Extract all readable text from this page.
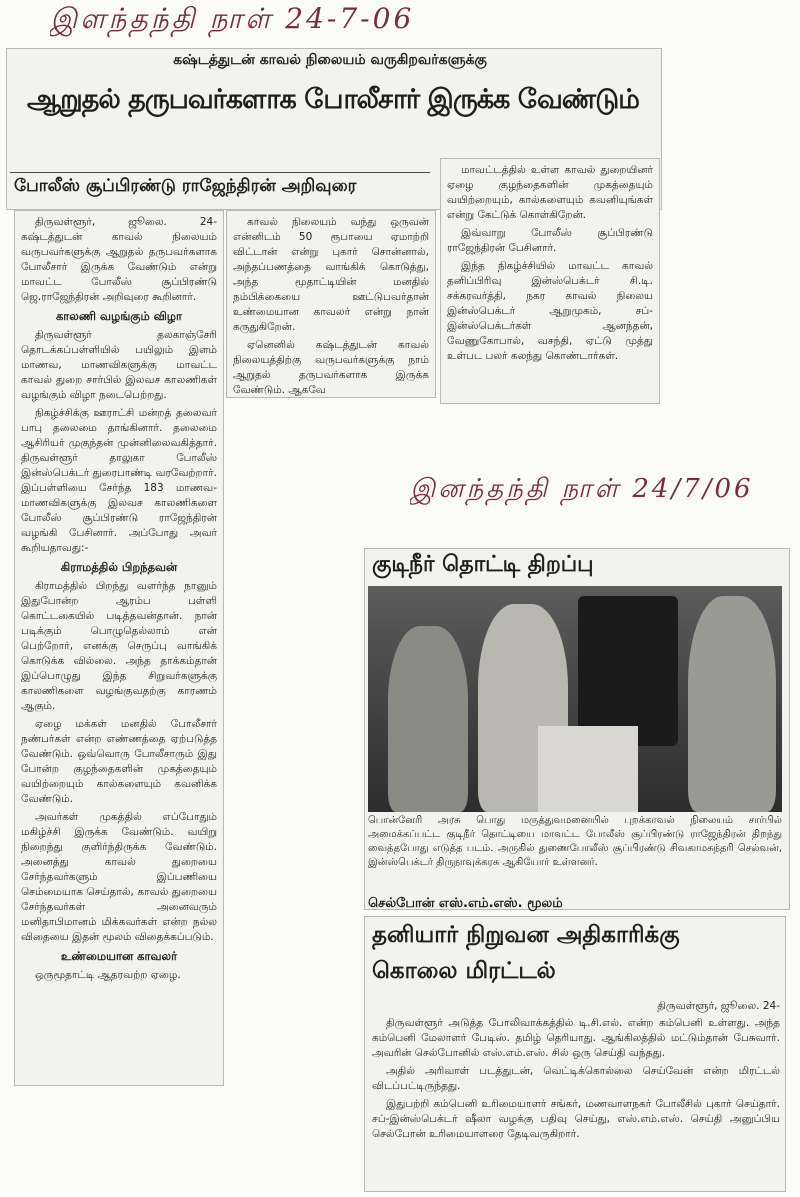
இளந்தந்தி நாள் 24-7-06
இனந்தந்தி நாள் 24/7/06
கஷ்டத்துடன் காவல் நிலையம் வருகிறவர்களுக்கு
ஆறுதல் தருபவர்களாக போலீசார் இருக்க வேண்டும்
போலீஸ் சூப்பிரண்டு ராஜேந்திரன் அறிவுரை

திருவள்ளூர், ஜூலை. 24- கஷ்டத்துடன் காவல் நிலையம் வருபவர்களுக்கு ஆறுதல் தருபவர்களாக போலீசார் இருக்க வேண்டும் என்று மாவட்ட போலீஸ் சூப்பிரண்டு ஜெ.ராஜேந்திரன் அறிவுரை கூறினார்.

காலணி வழங்கும் விழா

திருவள்ளூர் தலகாஞ்சேரி தொடக்கப்பள்ளியில் பயிலும் இளம் மாணவ, மாணவிகளுக்கு மாவட்ட காவல் துறை சார்பில் இலவச காலணிகள் வழங்கும் விழா நடைபெற்றது.

நிகழ்ச்சிக்கு ஊராட்சி மன்றத் தலைவர் பாபு தலைமை தாங்கினார். தலைமை ஆசிரியர் முகுந்தன் முன்னிலைவகித்தார். திருவள்ளூர் தாலுகா போலீஸ் இன்ஸ்பெக்டர் துரைபாண்டி வரவேற்றார். இப்பள்ளியை சேர்ந்த 183 மாணவ-மாணவிகளுக்கு இலவச காலணிகளை போலீஸ் சூப்பிரண்டு ராஜேந்திரன் வழங்கி பேசினார். அப்போது அவர் கூறியதாவது:-

கிராமத்தில் பிறந்தவன்

கிராமத்தில் பிறந்து வளர்ந்த நானும் இதுபோன்ற ஆரம்ப பள்ளி கொட்டகையில் படித்தவன்தான். நான் படிக்கும் பொழுதெல்லாம் என் பெற்றோர், எனக்கு செருப்பு வாங்கிக் கொடுக்க வில்லை. அந்த தாக்கம்தான் இப்பொழுது இந்த சிறுவர்களுக்கு காலணிகளை வழங்குவதற்கு காரணம் ஆகும்.

ஏழை மக்கள் மனதில் போலீசார் நண்பர்கள் என்ற எண்ணத்தை ஏற்படுத்த வேண்டும். ஒவ்வொரு போலீசாரும் இது போன்ற குழந்தைகளின் முகத்தையும் வயிற்றையும் கால்களையும் கவனிக்க வேண்டும்.

அவர்கள் முகத்தில் எப்போதும் மகிழ்ச்சி இருக்க வேண்டும். வயிறு நிறைந்து குளிர்ந்திருக்க வேண்டும். அனைத்து காவல் துறையை சேர்ந்தவர்களும் இப்பணியை செம்மையாக செய்தால், காவல் துறையை சேர்ந்தவர்கள் அனைவரும் மனிதாபிமானம் மிக்கவர்கள் என்ற நல்ல விதையை இதன் மூலம் விதைக்கப்படும்.

உண்மையான காவலர்

ஒருமூதாட்டி ஆதரவற்ற ஏழை.

காவல் நிலையம் வந்து ஒருவன் என்னிடம் 50 ரூபாயை ஏமாற்றி விட்டான் என்று புகார் சொன்னால், அந்தப்பணத்தை வாங்கிக் கொடுத்து, அந்த மூதாட்டியின் மனதில் நம்பிக்கையை ஊட்டுபவர்தான் உண்மையான காவலர் என்று நான் கருதுகிறேன்.

ஏனெனில் கஷ்டத்துடன் காவல் நிலையத்திற்கு வருபவர்களுக்கு நாம் ஆறுதல் தருபவர்களாக இருக்க வேண்டும். ஆகவே

மாவட்டத்தில் உள்ள காவல் துறையினர் ஏழை குழந்தைகளின் முகத்தையும் வயிற்றையும், கால்களையும் கவனியுங்கள் என்று கேட்டுக் கொள்கிறேன்.

இவ்வாறு போலீஸ் சூப்பிரண்டு ராஜேந்திரன் பேசினார்.

இந்த நிகழ்ச்சியில் மாவட்ட காவல் தனிப்பிரிவு இன்ஸ்பெக்டர் சி.டி. சக்கரவர்த்தி, நகர காவல் நிலைய இன்ஸ்பெக்டர் ஆறுமுகம், சப்-இன்ஸ்பெக்டர்கள் ஆனந்தன், வேணுகோபால், வசந்தி, ஏட்டு முத்து உள்பட பலர் கலந்து கொண்டார்கள்.

குடிநீர் தொட்டி திறப்பு
பொன்னேரி அரசு பொது மருத்துவமனையில் புறக்காவல் நிலையம் சார்பில் அமைக்கப்பட்ட குடிநீர் தொட்டியை மாவட்ட போலீஸ் சூப்பிரண்டு ராஜேந்திரன் திறந்து வைத்தபோது எடுத்த படம். அருகில் துணைபோலீஸ் சூப்பிரண்டு சிவகாமசுந்தரி செல்வன், இன்ஸ்பெக்டர் திருநாவுக்கரசு ஆகியோர் உள்ளனர்.
செல்போன் எஸ்.எம்.எஸ். மூலம்
தனியார் நிறுவன அதிகாரிக்கு
கொலை மிரட்டல்
திருவள்ளூர், ஜூலை. 24-

திருவள்ளூர் அடுத்த போலிவாக்கத்தில் டி.சி.எல். என்ற கம்பெனி உள்ளது. அந்த கம்பெனி மேலாளர் பேடிஸ். தமிழ் தெரியாது. ஆங்கிலத்தில் மட்டும்தான் பேசுவார். அவரின் செல்போனில் எஸ்.எம்.எஸ். சில் ஒரு செய்தி வந்தது.

அதில் அரிவாள் படத்துடன், வெட்டிக்கொல்லை செய்வேன் என்ற மிரட்டல் விடப்பட்டிருந்தது.

இதுபற்றி கம்பெனி உரிமையாளர் சங்கர், மணவாளநகர் போலீசில் புகார் செய்தார். சப்-இன்ஸ்பெக்டர் ஷீலா வழக்கு பதிவு செய்து, எஸ்.எம்.எஸ். செய்தி அனுப்பிய செல்போன் உரிமையாளரை தேடிவருகிறார்.
